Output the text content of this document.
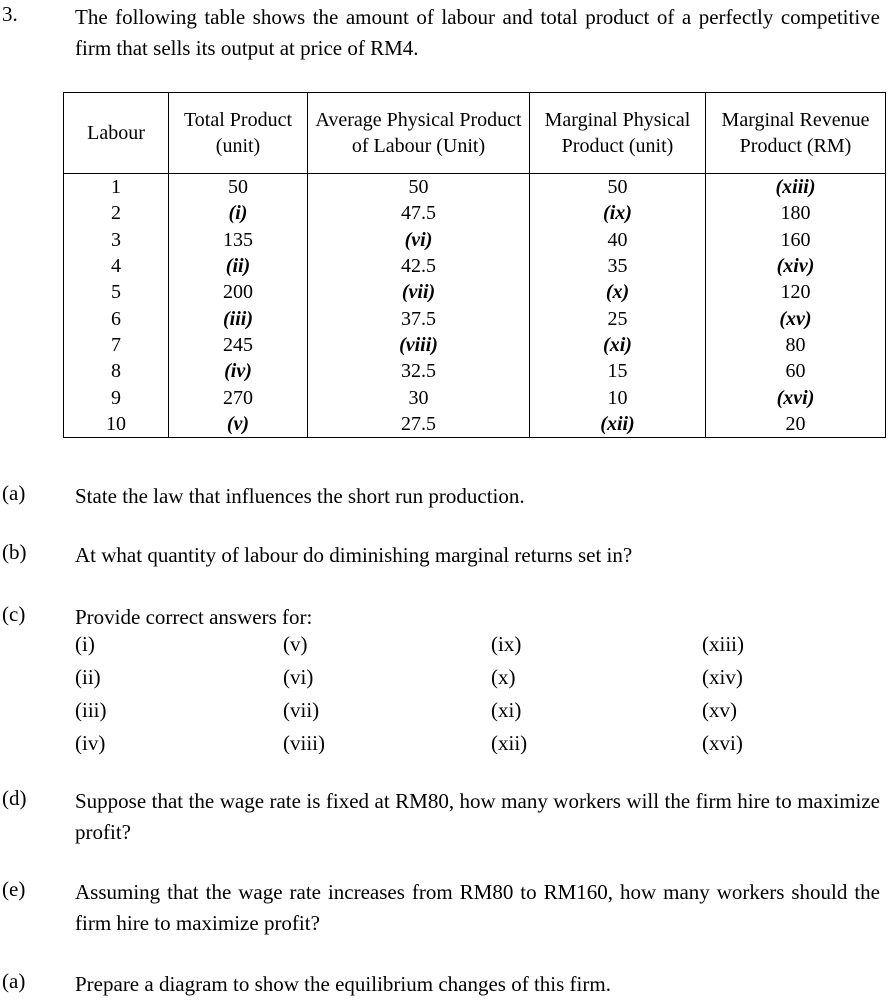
3.	The following table shows the amount of labour and total product of a perfectly competitive firm that sells its output at price of RM4.
Labour	Total Product (unit)	Average Physical Product of Labour (Unit)	Marginal Physical Product (unit)	Marginal Revenue Product (RM)
1	50	50	50	(xiii)
2	(i)	47.5	(ix)	180
3	135	(vi)	40	160
4	(ii)	42.5	35	(xiv)
5	200	(vii)	(x)	120
6	(iii)	37.5	25	(xv)
7	245	(viii)	(xi)	80
8	(iv)	32.5	15	60
9	270	30	10	(xvi)
10	(v)	27.5	(xii)	20
(a) State the law that influences the short run production.
(b) At what quantity of labour do diminishing marginal returns set in?
(c) Provide correct answers for:
(i)
(ii)
(iii)
(iv)
(v)
(vi)
(vii)
(viii)
(ix)
(x)
(xi)
(xii)
(xiii)
(xiv)
(xv)
(xvi)
(d) Suppose that the wage rate is fixed at RM80, how many workers will the firm hire to maximize profit?
(e) Assuming that the wage rate increases from RM80 to RM160, how many workers should the firm hire to maximize profit?
(a) Prepare a diagram to show the equilibrium changes of this firm.
